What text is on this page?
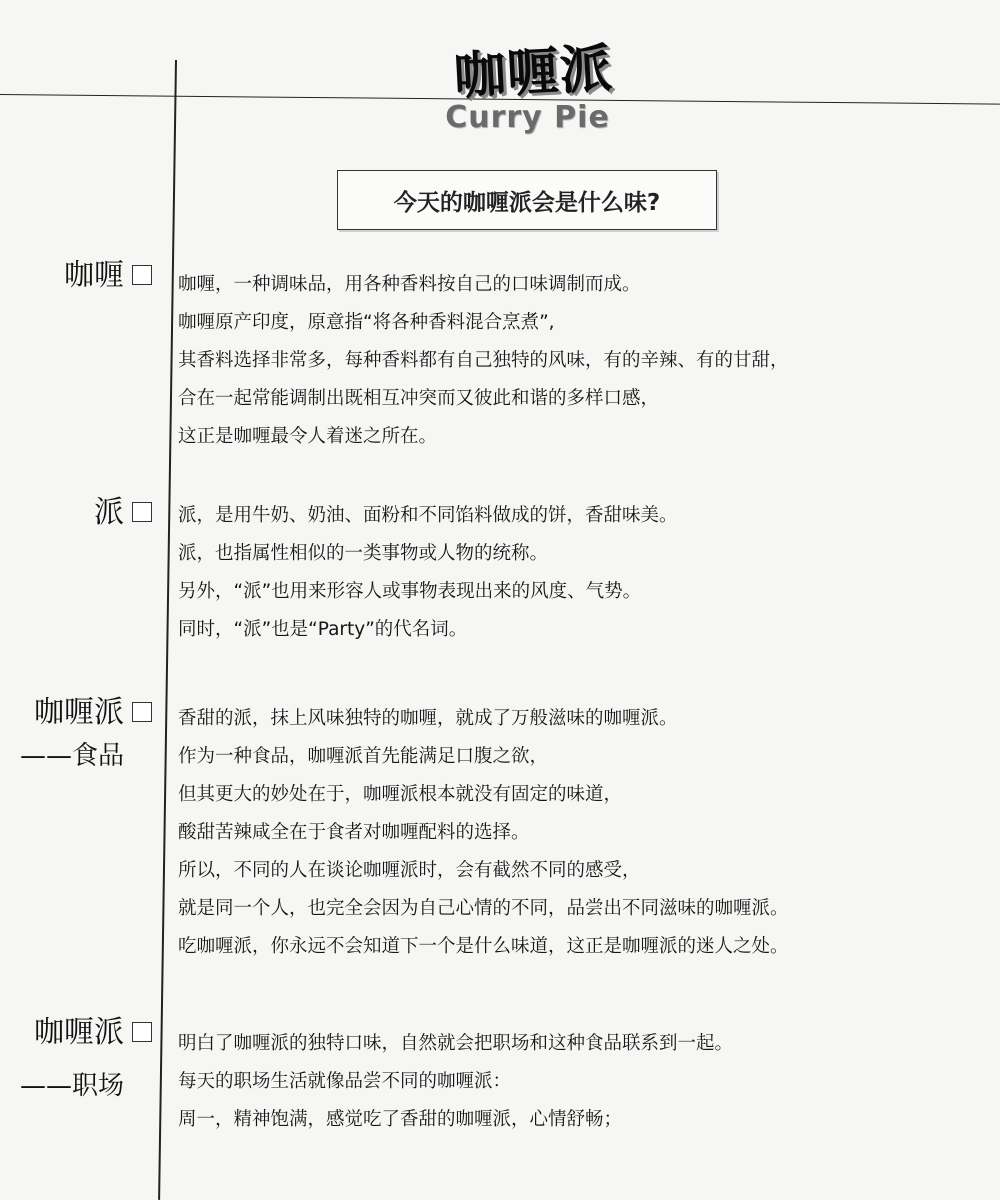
咖喱派
Curry Pie
今天的咖喱派会是什么味?
咖喱	咖喱，一种调味品，用各种香料按自己的口味调制而成。
咖喱原产印度，原意指“将各种香料混合烹煮”,
其香料选择非常多，每种香料都有自己独特的风味，有的辛辣、有的甘甜，
合在一起常能调制出既相互冲突而又彼此和谐的多样口感，
这正是咖喱最令人着迷之所在。
派	派，是用牛奶、奶油、面粉和不同馅料做成的饼，香甜味美。
派，也指属性相似的一类事物或人物的统称。
另外，“派”也用来形容人或事物表现出来的风度、气势。
同时，“派”也是“Party”的代名词。
咖喱派
——食品
香甜的派，抹上风味独特的咖喱，就成了万般滋味的咖喱派。
作为一种食品，咖喱派首先能满足口腹之欲，
但其更大的妙处在于，咖喱派根本就没有固定的味道，
酸甜苦辣咸全在于食者对咖喱配料的选择。
所以，不同的人在谈论咖喱派时，会有截然不同的感受，
就是同一个人，也完全会因为自己心情的不同，品尝出不同滋味的咖喱派。
吃咖喱派，你永远不会知道下一个是什么味道，这正是咖喱派的迷人之处。
咖喱派
——职场
明白了咖喱派的独特口味，自然就会把职场和这种食品联系到一起。
每天的职场生活就像品尝不同的咖喱派：
周一，精神饱满，感觉吃了香甜的咖喱派，心情舒畅；
